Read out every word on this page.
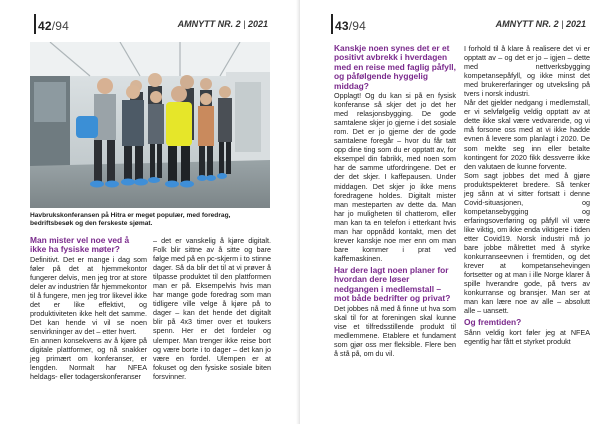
42/94	AMNYTT NR. 2 | 2021
Havbrukskonferansen på Hitra er meget populær, med foredrag, bedriftsbesøk og den ferskeste sjømat.
Man mister vel noe ved å ikke ha fysiske møter?

Definitivt. Det er mange i dag som føler på det at hjemmekontor fungerer delvis, men jeg tror at store deler av industrien får hjemmekontor til å fungere, men jeg tror likevel ikke det er like effektivt, og produktiviteten ikke helt det samme. Det kan hende vi vil se noen senvirkninger av det – etter hvert.

En annen konsekvens av å kjøre på digitale plattformer, og nå snakker jeg primært om konferanser, er lengden. Normalt har NFEA heldags- eller todagerskonferanser

– det er vanskelig å kjøre digitalt. Folk blir sittne av å sitte og bare følge med på en pc-skjerm i to stinne dager. Så da blir det til at vi prøver å tilpasse produktet til den plattformen man er på. Eksempelvis hvis man har mange gode foredrag som man tidligere ville velge å kjøre på to dager – kan det hende det digitalt blir på 4x3 timer over et toukers spenn. Her er det fordeler og ulemper. Man trenger ikke reise bort og være borte i to dager – det kan jo være en fordel. Ulempen er at fokuset og den fysiske sosiale biten forsvinner.

43/94	AMNYTT NR. 2 | 2021
Kanskje noen synes det er et positivt avbrekk i hverdagen med en reise med faglig påfyll, og påfølgende hyggelig middag?

Opplagt! Og du kan si på en fysisk konferanse så skjer det jo det her med relasjonsbygging. De gode samtalene skjer jo gjerne i det sosiale rom. Det er jo gjerne der de gode samtalene foregår – hvor du får tatt opp dine ting som du er opptatt av, for eksempel din fabrikk, med noen som har de samme utfordringene. Det er der det skjer. I kaffepausen. Under middagen. Det skjer jo ikke mens foredragene holdes. Digitalt mister man mesteparten av dette da. Man har jo muligheten til chatterom, eller man kan ta en telefon i etterkant hvis man har oppnådd kontakt, men det krever kanskje noe mer enn om man bare kommer i prat ved kaffemaskinen.

Har dere lagt noen planer for hvordan dere løser nedgangen i medlemstall – mot både bedrifter og privat?

Det jobbes nå med å finne ut hva som skal til for at foreningen skal kunne vise et tilfredsstillende produkt til medlemmene. Etablere et fundament som gjør oss mer fleksible. Flere ben å stå på, om du vil.

I forhold til å klare å realisere det vi er opptatt av – og det er jo – igjen – dette med nettverksbygging kompetansepåfyll, og ikke minst det med brukererfaringer og utveksling på tvers i norsk industri.

Når det gjelder nedgang i medlemstall, er vi selvfølgelig veldig opptatt av at dette ikke skal være vedvarende, og vi må forsone oss med at vi ikke hadde evnen å levere som planlagt i 2020. De som meldte seg inn eller betalte kontingent for 2020 fikk dessverre ikke den valutaen de kunne forvente.

Som sagt jobbes det med å gjøre produktspekteret bredere. Så tenker jeg sånn at vi sitter fortsatt i denne Covid-situasjonen, og kompetansebygging og erfaringsoverføring og påfyll vil være like viktig, om ikke enda viktigere i tiden etter Covid19. Norsk industri må jo bare jobbe målrettet med å styrke konkurranseevnen i fremtiden, og det krever at kompetansehevingen fortsetter og at man i ille Norge klarer å spille hverandre gode, på tvers av konkurranse og bransjer. Man ser at man kan lære noe av alle – absolutt alle – uansett.

Og fremtiden?

Sånn veldig kort føler jeg at NFEA egentlig har fått et styrket produkt
